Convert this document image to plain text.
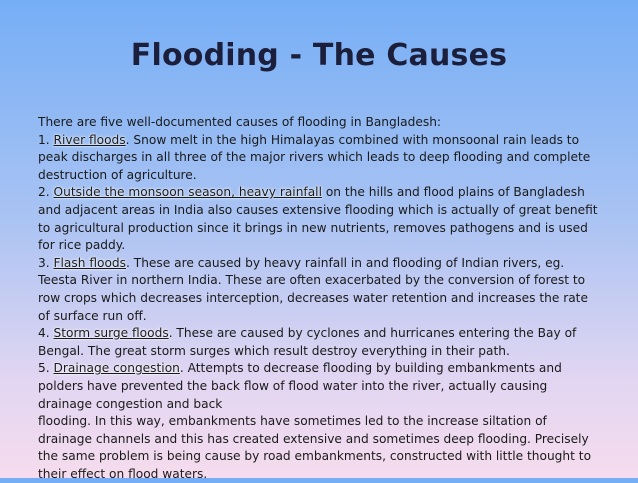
Flooding - The Causes

There are five well-documented causes of flooding in Bangladesh:

1. River floods. Snow melt in the high Himalayas combined with monsoonal rain leads to peak discharges in all three of the major rivers which leads to deep flooding and complete destruction of agriculture.

2. Outside the monsoon season, heavy rainfall on the hills and flood plains of Bangladesh and adjacent areas in India also causes extensive flooding which is actually of great benefit to agricultural production since it brings in new nutrients, removes pathogens and is used for rice paddy.

3. Flash floods. These are caused by heavy rainfall in and flooding of Indian rivers, eg. Teesta River in northern India. These are often exacerbated by the conversion of forest to row crops which decreases interception, decreases water retention and increases the rate of surface run off.

4. Storm surge floods. These are caused by cyclones and hurricanes entering the Bay of Bengal. The great storm surges which result destroy everything in their path.

5. Drainage congestion. Attempts to decrease flooding by building embankments and polders have prevented the back flow of flood water into the river, actually causing drainage congestion and back

flooding. In this way, embankments have sometimes led to the increase siltation of drainage channels and this has created extensive and sometimes deep flooding. Precisely the same problem is being cause by road embankments, constructed with little thought to their effect on flood waters.
